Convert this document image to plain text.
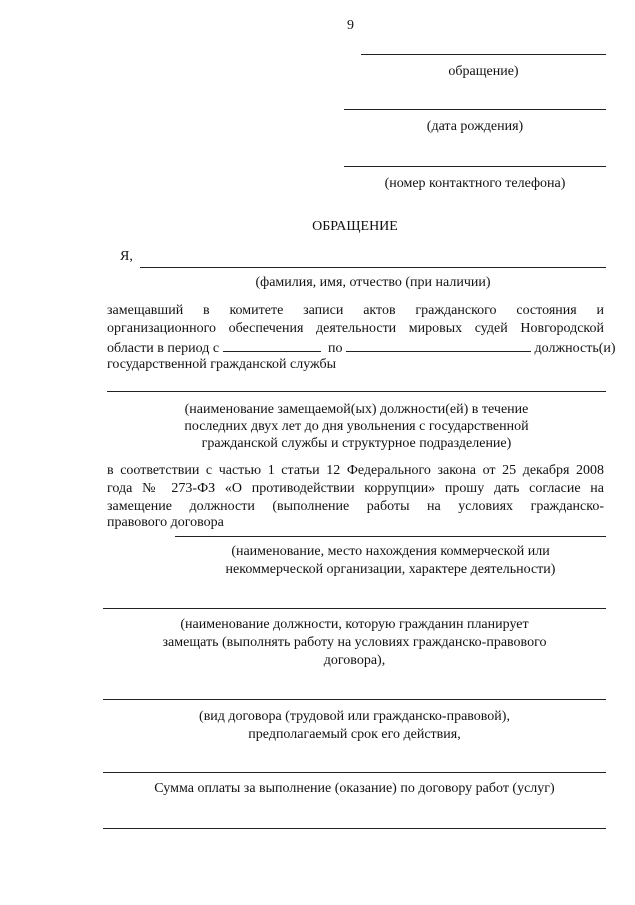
9
обращение)
(дата рождения)
(номер контактного телефона)
ОБРАЩЕНИЕ
Я,
(фамилия, имя, отчество (при наличии)
замещавший в комитете записи актов гражданского состояния и
организационного обеспечения деятельности мировых судей Новгородской
области в период с	по	должность(и)
государственной гражданской службы
(наименование замещаемой(ых) должности(ей) в течение
последних двух лет до дня увольнения с государственной
гражданской службы и структурное подразделение)
в соответствии с частью 1 статьи 12 Федерального закона от 25 декабря 2008
года № 273-ФЗ «О противодействии коррупции» прошу дать согласие на
замещение должности (выполнение работы на условиях гражданско-
правового договора
(наименование, место нахождения коммерческой или
некоммерческой организации, характере деятельности)
(наименование должности, которую гражданин планирует
замещать (выполнять работу на условиях гражданско-правового
договора),
(вид договора (трудовой или гражданско-правовой),
предполагаемый срок его действия,
Сумма оплаты за выполнение (оказание) по договору работ (услуг)
